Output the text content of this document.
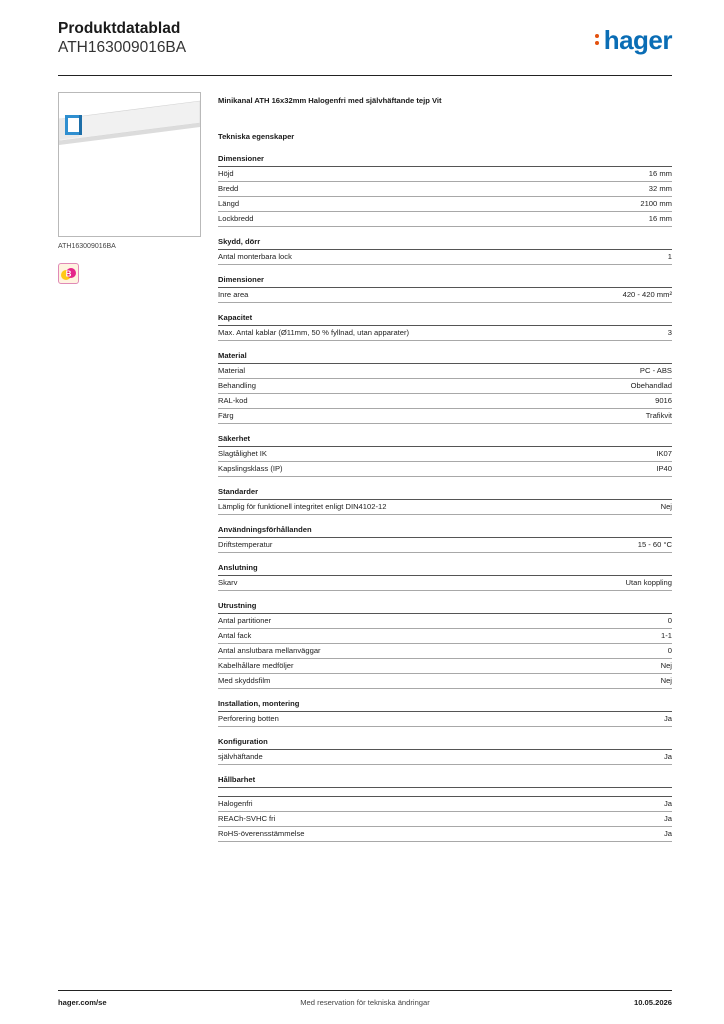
Produktdatablad
ATH163009016BA	hager
ATH163009016BA
B
Minikanal ATH 16x32mm Halogenfri med självhäftande tejp Vit
Tekniska egenskaper
Dimensioner
Höjd	16 mm
Bredd	32 mm
Längd	2100 mm
Lockbredd	16 mm
Skydd, dörr
Antal monterbara lock	1
Dimensioner
Inre area	420 - 420 mm²
Kapacitet
Max. Antal kablar (Ø11mm, 50 % fyllnad, utan apparater)	3
Material
Material	PC - ABS
Behandling	Obehandlad
RAL-kod	9016
Färg	Trafikvit
Säkerhet
Slagtålighet IK	IK07
Kapslingsklass (IP)	IP40
Standarder
Lämplig för funktionell integritet enligt DIN4102-12	Nej
Användningsförhållanden
Driftstemperatur	15 - 60 °C
Anslutning
Skarv	Utan koppling
Utrustning
Antal partitioner	0
Antal fack	1-1
Antal anslutbara mellanväggar	0
Kabelhållare medföljer	Nej
Med skyddsfilm	Nej
Installation, montering
Perforering botten	Ja
Konfiguration
självhäftande	Ja
Hållbarhet
Halogenfri	Ja
REACh-SVHC fri	Ja
RoHS-överensstämmelse	Ja
hager.com/se	Med reservation för tekniska ändringar	10.05.2026
